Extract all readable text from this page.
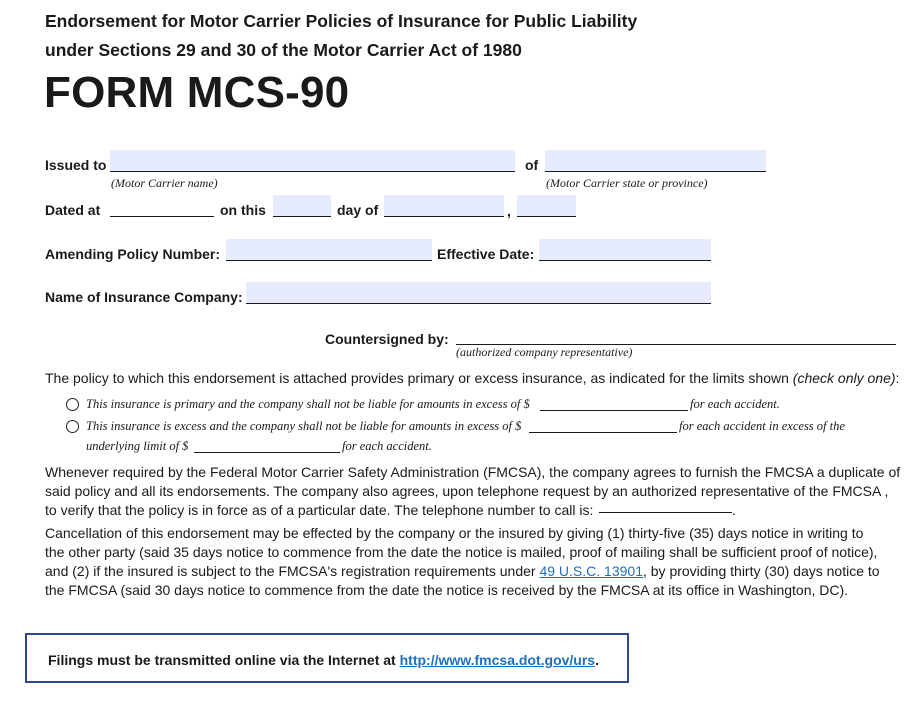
Endorsement for Motor Carrier Policies of Insurance for Public Liability
under Sections 29 and 30 of the Motor Carrier Act of 1980
FORM MCS-90
Issued to
(Motor Carrier name)
of
(Motor Carrier state or province)
Dated at	on this	day of	,
Amending Policy Number:	Effective Date:
Name of Insurance Company:
Countersigned by:
(authorized company representative)
The policy to which this endorsement is attached provides primary or excess insurance, as indicated for the limits shown (check only one):
This insurance is primary and the company shall not be liable for amounts in excess of $	for each accident.
This insurance is excess and the company shall not be liable for amounts in excess of $	for each accident in excess of the
underlying limit of $	for each accident.
Whenever required by the Federal Motor Carrier Safety Administration (FMCSA), the company agrees to furnish the FMCSA a duplicate of
said policy and all its endorsements. The company also agrees, upon telephone request by an authorized representative of the FMCSA ,
to verify that the policy is in force as of a particular date. The telephone number to call is:	.
Cancellation of this endorsement may be effected by the company or the insured by giving (1) thirty-five (35) days notice in writing to
the other party (said 35 days notice to commence from the date the notice is mailed, proof of mailing shall be sufficient proof of notice),
and (2) if the insured is subject to the FMCSA's registration requirements under 49 U.S.C. 13901, by providing thirty (30) days notice to
the FMCSA (said 30 days notice to commence from the date the notice is received by the FMCSA at its office in Washington, DC).
Filings must be transmitted online via the Internet at http://www.fmcsa.dot.gov/urs.
